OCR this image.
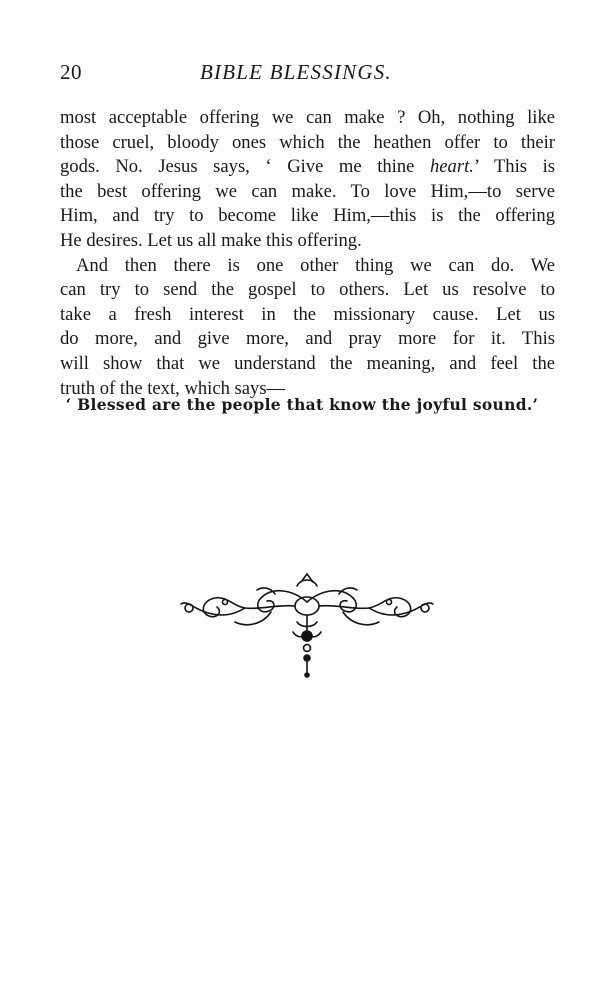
20	BIBLE BLESSINGS.

most acceptable offering we can make ? Oh, nothing like
those cruel, bloody ones which the heathen offer to their
gods. No. Jesus says, ‘ Give me thine heart.’ This is
the best offering we can make. To love Him,—to serve
Him, and try to become like Him,—this is the offering
He desires. Let us all make this offering.

And then there is one other thing we can do. We
can try to send the gospel to others. Let us resolve to
take a fresh interest in the missionary cause. Let us
do more, and give more, and pray more for it. This
will show that we understand the meaning, and feel the
truth of the text, which says—

‘ Blessed are the people that know the joyful sound.’
